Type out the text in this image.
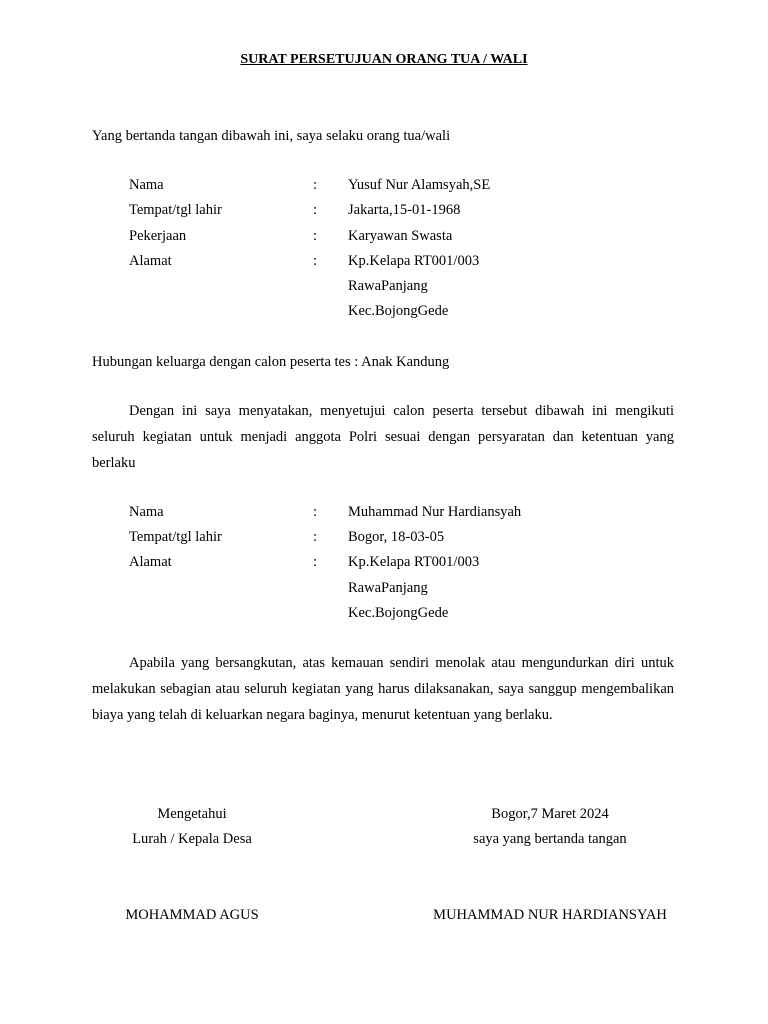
SURAT PERSETUJUAN ORANG TUA / WALI
Yang bertanda tangan dibawah ini, saya selaku orang tua/wali
Nama	: Yusuf Nur Alamsyah,SE
Tempat/tgl lahir	: Jakarta,15-01-1968
Pekerjaan	: Karyawan Swasta
Alamat	: Kp.Kelapa RT001/003
RawaPanjang
Kec.BojongGede
Hubungan keluarga dengan calon peserta tes : Anak Kandung
Dengan ini saya menyatakan, menyetujui calon peserta tersebut dibawah ini mengikuti seluruh kegiatan untuk menjadi anggota Polri sesuai dengan persyaratan dan ketentuan yang berlaku
Nama	: Muhammad Nur Hardiansyah
Tempat/tgl lahir	: Bogor, 18-03-05
Alamat	: Kp.Kelapa RT001/003
RawaPanjang
Kec.BojongGede
Apabila yang bersangkutan, atas kemauan sendiri menolak atau mengundurkan diri untuk melakukan sebagian atau seluruh kegiatan yang harus dilaksanakan, saya sanggup mengembalikan biaya yang telah di keluarkan negara baginya, menurut ketentuan yang berlaku.
Mengetahui
Lurah / Kepala Desa
MOHAMMAD AGUS
Bogor,7 Maret 2024
saya yang bertanda tangan
MUHAMMAD NUR HARDIANSYAH
